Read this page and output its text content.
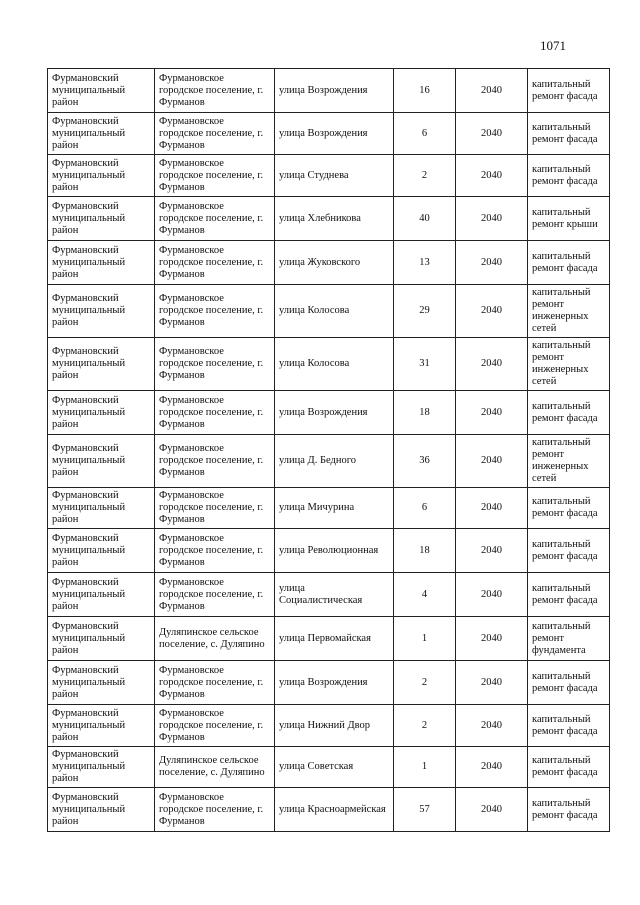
1071
Фурмановский муниципальный район	Фурмановское городское поселение, г. Фурманов	улица Возрождения	16	2040	капитальный ремонт фасада
Фурмановский муниципальный район	Фурмановское городское поселение, г. Фурманов	улица Возрождения	6	2040	капитальный ремонт фасада
Фурмановский муниципальный район	Фурмановское городское поселение, г. Фурманов	улица Студнева	2	2040	капитальный ремонт фасада
Фурмановский муниципальный район	Фурмановское городское поселение, г. Фурманов	улица Хлебникова	40	2040	капитальный ремонт крыши
Фурмановский муниципальный район	Фурмановское городское поселение, г. Фурманов	улица Жуковского	13	2040	капитальный ремонт фасада
Фурмановский муниципальный район	Фурмановское городское поселение, г. Фурманов	улица Колосова	29	2040	капитальный ремонт инженерных сетей
Фурмановский муниципальный район	Фурмановское городское поселение, г. Фурманов	улица Колосова	31	2040	капитальный ремонт инженерных сетей
Фурмановский муниципальный район	Фурмановское городское поселение, г. Фурманов	улица Возрождения	18	2040	капитальный ремонт фасада
Фурмановский муниципальный район	Фурмановское городское поселение, г. Фурманов	улица Д. Бедного	36	2040	капитальный ремонт инженерных сетей
Фурмановский муниципальный район	Фурмановское городское поселение, г. Фурманов	улица Мичурина	6	2040	капитальный ремонт фасада
Фурмановский муниципальный район	Фурмановское городское поселение, г. Фурманов	улица Революционная	18	2040	капитальный ремонт фасада
Фурмановский муниципальный район	Фурмановское городское поселение, г. Фурманов	улица Социалистическая	4	2040	капитальный ремонт фасада
Фурмановский муниципальный район	Дуляпинское сельское поселение, с. Дуляпино	улица Первомайская	1	2040	капитальный ремонт фундамента
Фурмановский муниципальный район	Фурмановское городское поселение, г. Фурманов	улица Возрождения	2	2040	капитальный ремонт фасада
Фурмановский муниципальный район	Фурмановское городское поселение, г. Фурманов	улица Нижний Двор	2	2040	капитальный ремонт фасада
Фурмановский муниципальный район	Дуляпинское сельское поселение, с. Дуляпино	улица Советская	1	2040	капитальный ремонт фасада
Фурмановский муниципальный район	Фурмановское городское поселение, г. Фурманов	улица Красноармейская	57	2040	капитальный ремонт фасада
